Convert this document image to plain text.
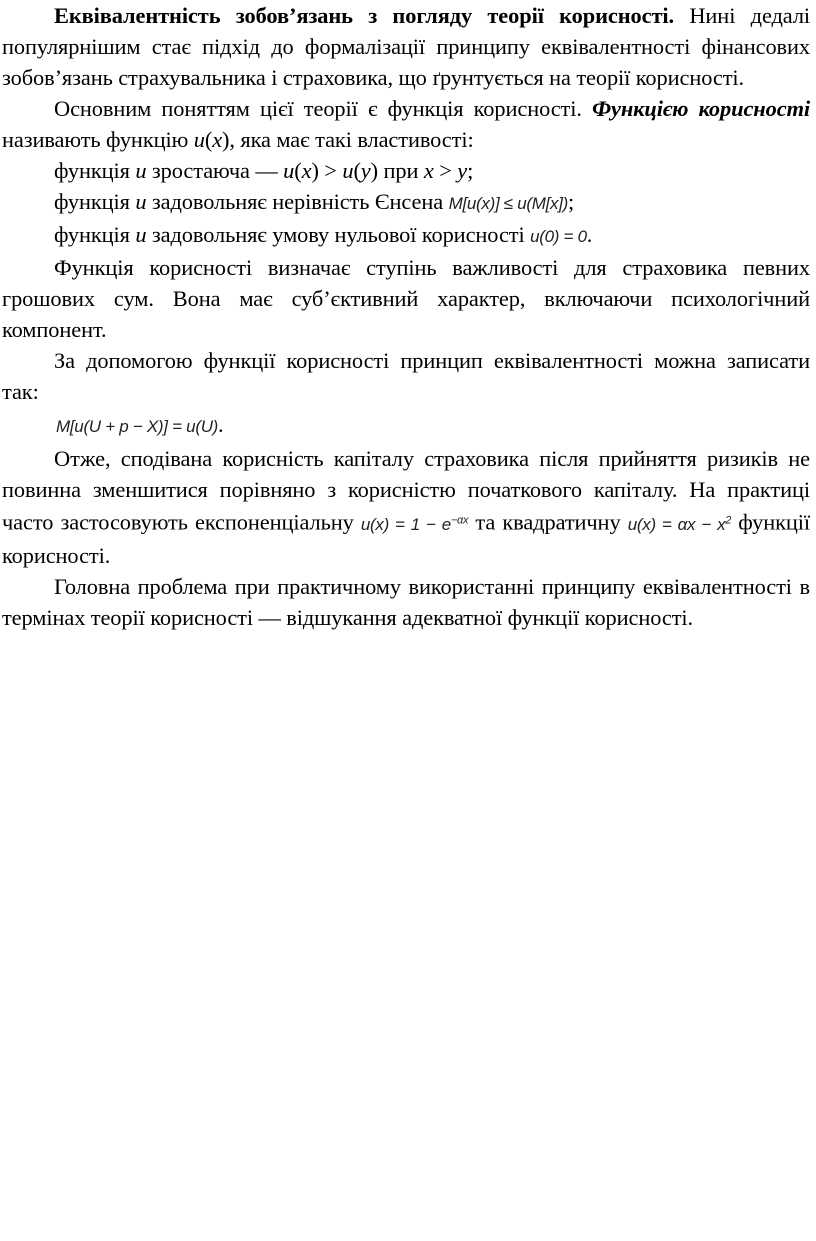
Еквівалентність зобов’язань з погляду теорії корисності. Нині дедалі популярнішим стає підхід до формалізації принципу еквівалентності фінансових зобов’язань страхувальника і страховика, що ґрунтується на теорії корисності.

Основним поняттям цієї теорії є функція корисності. Функцією корисності називають функцію u(x), яка має такі властивості:

функція u зростаюча — u(x) > u(y) при x > y;

функція u задовольняє нерівність Єнсена M[u(x)] ≤ u(M[x]);

функція u задовольняє умову нульової корисності u(0) = 0.

Функція корисності визначає ступінь важливості для страховика певних грошових сум. Вона має суб’єктивний характер, включаючи психологічний компонент.

За допомогою функції корисності принцип еквівалентності можна записати так:

M[u(U + p − X)] = u(U).

Отже, сподівана корисність капіталу страховика після прийняття ризиків не повинна зменшитися порівняно з корисністю початкового капіталу. На практиці часто застосовують експоненціальну $u(x) = 1 - e^{-\alpha x}$ та квадратичну $u(x) = \alpha x - x^2$ функції корисності.

Головна проблема при практичному використанні принципу еквівалентності в термінах теорії корисності — відшукання адекватної функції корисності.
